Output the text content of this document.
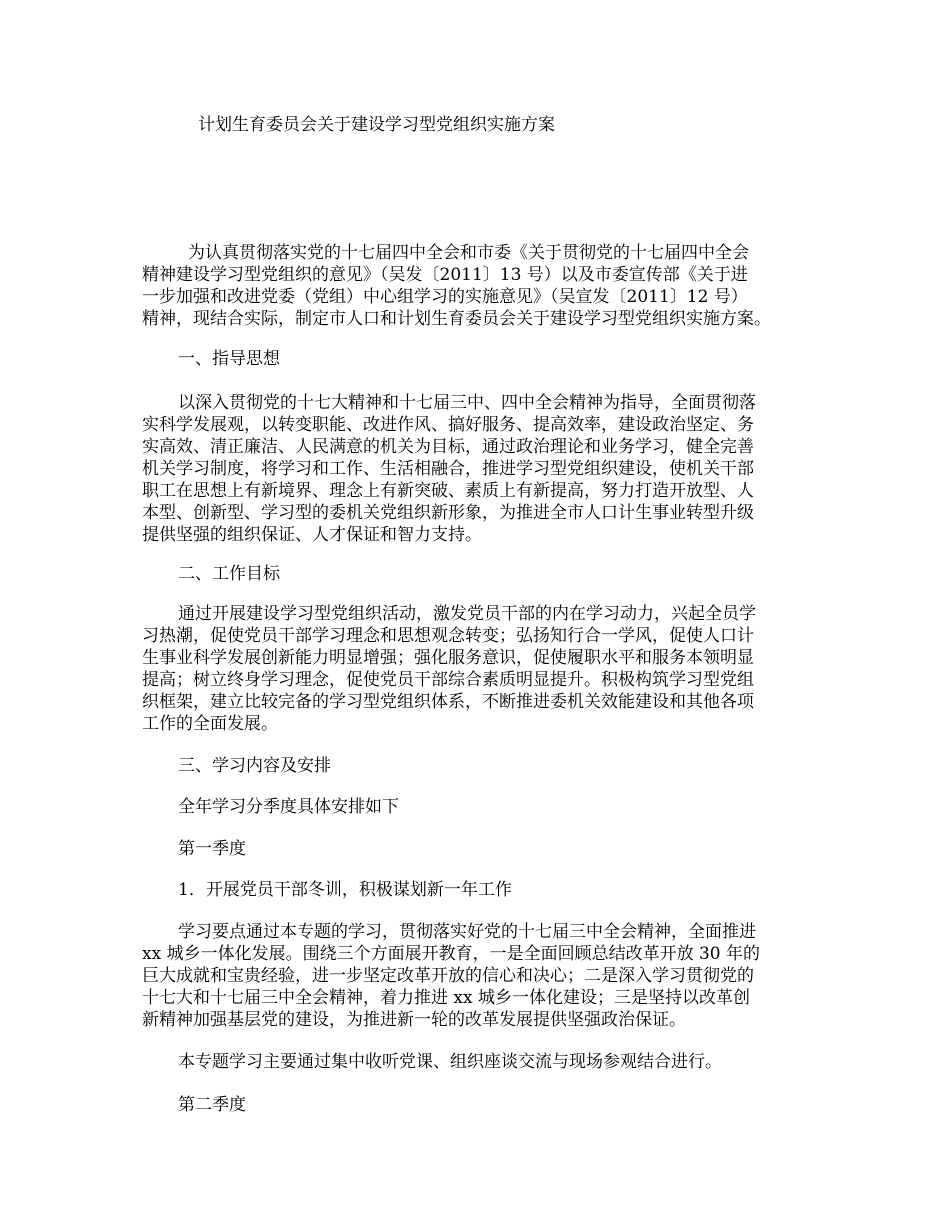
计划生育委员会关于建设学习型党组织实施方案
为认真贯彻落实党的十七届四中全会和市委《关于贯彻党的十七届四中全会
精神建设学习型党组织的意见》（吴发〔2011〕13 号）以及市委宣传部《关于进
一步加强和改进党委（党组）中心组学习的实施意见》（吴宣发〔2011〕12 号）
精神，现结合实际，制定市人口和计划生育委员会关于建设学习型党组织实施方案。
一、指导思想
以深入贯彻党的十七大精神和十七届三中、四中全会精神为指导，全面贯彻落
实科学发展观，以转变职能、改进作风、搞好服务、提高效率，建设政治坚定、务
实高效、清正廉洁、人民满意的机关为目标，通过政治理论和业务学习，健全完善
机关学习制度，将学习和工作、生活相融合，推进学习型党组织建设，使机关干部
职工在思想上有新境界、理念上有新突破、素质上有新提高，努力打造开放型、人
本型、创新型、学习型的委机关党组织新形象，为推进全市人口计生事业转型升级
提供坚强的组织保证、人才保证和智力支持。
二、工作目标
通过开展建设学习型党组织活动，激发党员干部的内在学习动力，兴起全员学
习热潮，促使党员干部学习理念和思想观念转变；弘扬知行合一学风，促使人口计
生事业科学发展创新能力明显增强；强化服务意识，促使履职水平和服务本领明显
提高；树立终身学习理念，促使党员干部综合素质明显提升。积极构筑学习型党组
织框架，建立比较完备的学习型党组织体系，不断推进委机关效能建设和其他各项
工作的全面发展。
三、学习内容及安排
全年学习分季度具体安排如下
第一季度
1．开展党员干部冬训，积极谋划新一年工作
学习要点通过本专题的学习，贯彻落实好党的十七届三中全会精神，全面推进
xx 城乡一体化发展。围绕三个方面展开教育，一是全面回顾总结改革开放 30 年的
巨大成就和宝贵经验，进一步坚定改革开放的信心和决心；二是深入学习贯彻党的
十七大和十七届三中全会精神，着力推进 xx 城乡一体化建设；三是坚持以改革创
新精神加强基层党的建设，为推进新一轮的改革发展提供坚强政治保证。
本专题学习主要通过集中收听党课、组织座谈交流与现场参观结合进行。
第二季度
